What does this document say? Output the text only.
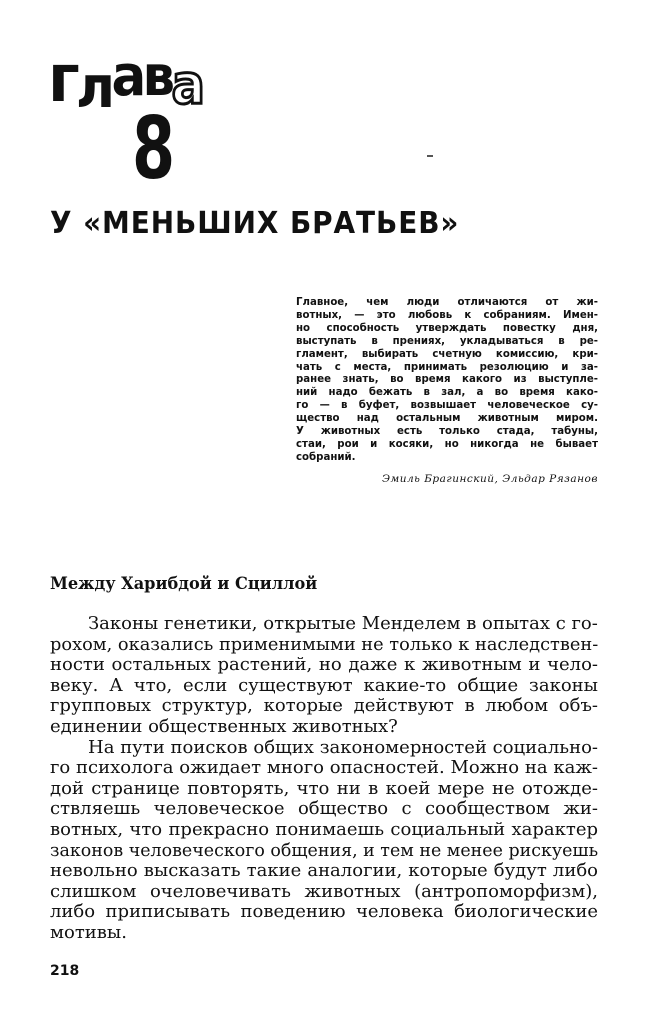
глава
8
У «МЕНЬШИХ БРАТЬЕВ»
Главное, чем люди отличаются от жи-
вотных, — это любовь к собраниям. Имен-
но способность утверждать повестку дня,
выступать в прениях, укладываться в ре-
гламент, выбирать счетную комиссию, кри-
чать с места, принимать резолюцию и за-
ранее знать, во время какого из выступле-
ний надо бежать в зал, а во время како-
го — в буфет, возвышает человеческое су-
щество над остальным животным миром.
У животных есть только стада, табуны,
стаи, рои и косяки, но никогда не бывает
собраний.
Эмиль Брагинский, Эльдар Рязанов
Между Харибдой и Сциллой
Законы генетики, открытые Менделем в опытах с го-
рохом, оказались применимыми не только к наследствен-
ности остальных растений, но даже к животным и чело-
веку. А что, если существуют какие-то общие законы
групповых структур, которые действуют в любом объ-
единении общественных животных?
На пути поисков общих закономерностей социально-
го психолога ожидает много опасностей. Можно на каж-
дой странице повторять, что ни в коей мере не отожде-
ствляешь человеческое общество с сообществом жи-
вотных, что прекрасно понимаешь социальный характер
законов человеческого общения, и тем не менее рискуешь
невольно высказать такие аналогии, которые будут либо
слишком очеловечивать животных (антропоморфизм),
либо приписывать поведению человека биологические
мотивы.
218
